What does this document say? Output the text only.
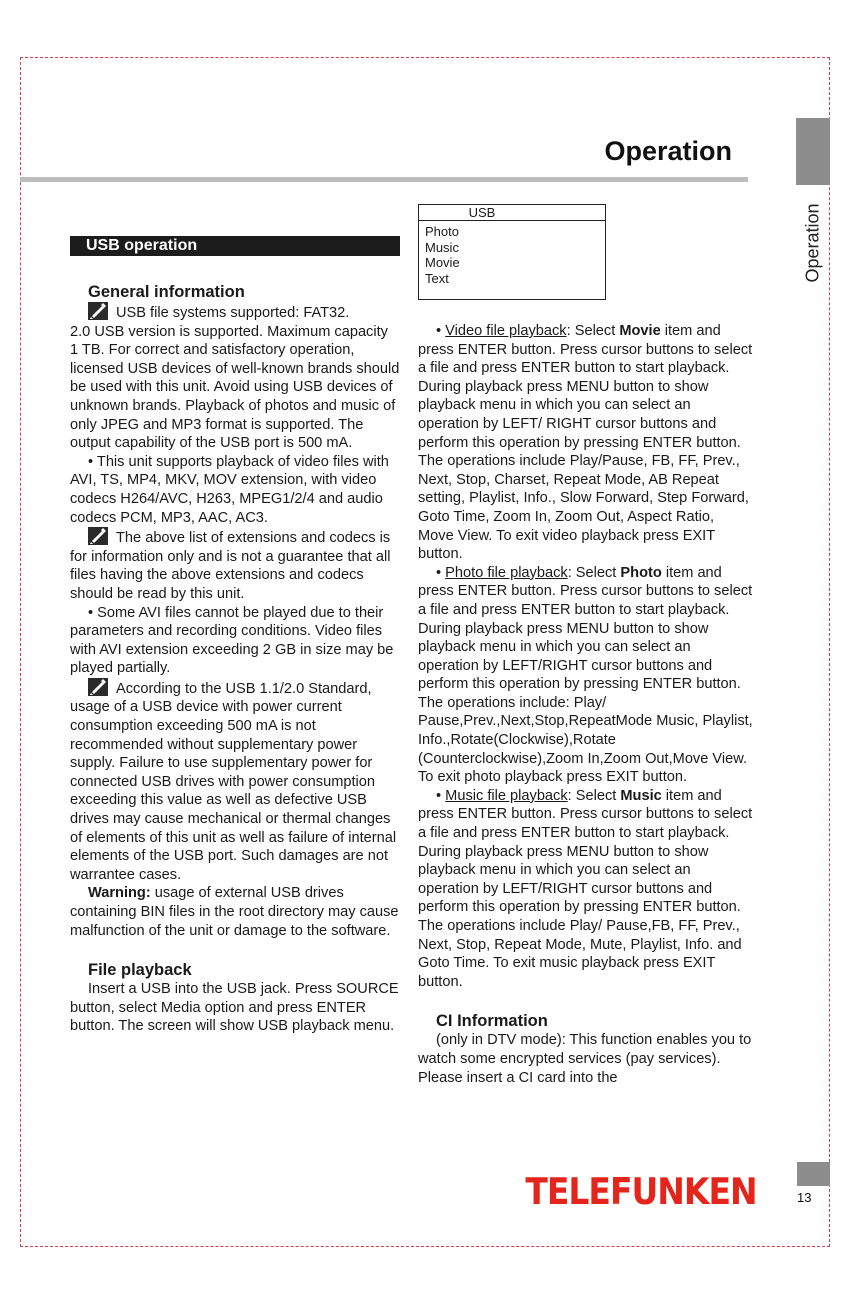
Operation
Operation
USB operation
General information

USB file systems supported: FAT32.

2.0 USB version is supported. Maximum capacity 1 TB. For correct and satisfactory operation, licensed USB devices of well-known brands should be used with this unit. Avoid using USB devices of unknown brands. Playback of photos and music of only JPEG and MP3 format is supported. The output capability of the USB port is 500 mA.

• This unit supports playback of video files with AVI, TS, MP4, MKV, MOV extension, with video codecs H264/AVC, H263, MPEG1/2/4 and audio codecs PCM, MP3, AAC, AC3.

The above list of extensions and codecs is for information only and is not a guarantee that all files having the above extensions and codecs should be read by this unit.

• Some AVI files cannot be played due to their parameters and recording conditions. Video files with AVI extension exceeding 2 GB in size may be played partially.

According to the USB 1.1/2.0 Standard, usage of a USB device with power current consumption exceeding 500 mA is not recommended without supplementary power supply. Failure to use supplementary power for connected USB drives with power consumption exceeding this value as well as defective USB drives may cause mechanical or thermal changes of elements of this unit as well as failure of internal elements of the USB port. Such damages are not warrantee cases.

Warning: usage of external USB drives containing BIN files in the root directory may cause malfunction of the unit or damage to the software.

File playback

Insert a USB into the USB jack. Press SOURCE button, select Media option and press ENTER button. The screen will show USB playback menu.

USB
Photo
Music
Movie
Text

• Video file playback: Select Movie item and press ENTER button. Press cursor buttons to select a file and press ENTER button to start playback. During playback press MENU button to show playback menu in which you can select an operation by LEFT/ RIGHT cursor buttons and perform this operation by pressing ENTER button. The operations include Play/Pause, FB, FF, Prev., Next, Stop, Charset, Repeat Mode, AB Repeat setting, Playlist, Info., Slow Forward, Step Forward, Goto Time, Zoom In, Zoom Out, Aspect Ratio, Move View. To exit video playback press EXIT button.

• Photo file playback: Select Photo item and press ENTER button. Press cursor buttons to select a file and press ENTER button to start playback. During playback press MENU button to show playback menu in which you can select an operation by LEFT/RIGHT cursor buttons and perform this operation by pressing ENTER button. The operations include: Play/ Pause,Prev.,Next,Stop,RepeatMode Music, Playlist, Info.,Rotate(Clockwise),Rotate (Counterclockwise),Zoom In,Zoom Out,Move View. To exit photo playback press EXIT button.

• Music file playback: Select Music item and press ENTER button. Press cursor buttons to select a file and press ENTER button to start playback. During playback press MENU button to show playback menu in which you can select an operation by LEFT/RIGHT cursor buttons and perform this operation by pressing ENTER button. The operations include Play/ Pause,FB, FF, Prev., Next, Stop, Repeat Mode, Mute, Playlist, Info. and Goto Time. To exit music playback press EXIT button.

CI Information

(only in DTV mode): This function enables you to watch some encrypted services (pay services). Please insert a CI card into the

TELEFUNKEN	13
